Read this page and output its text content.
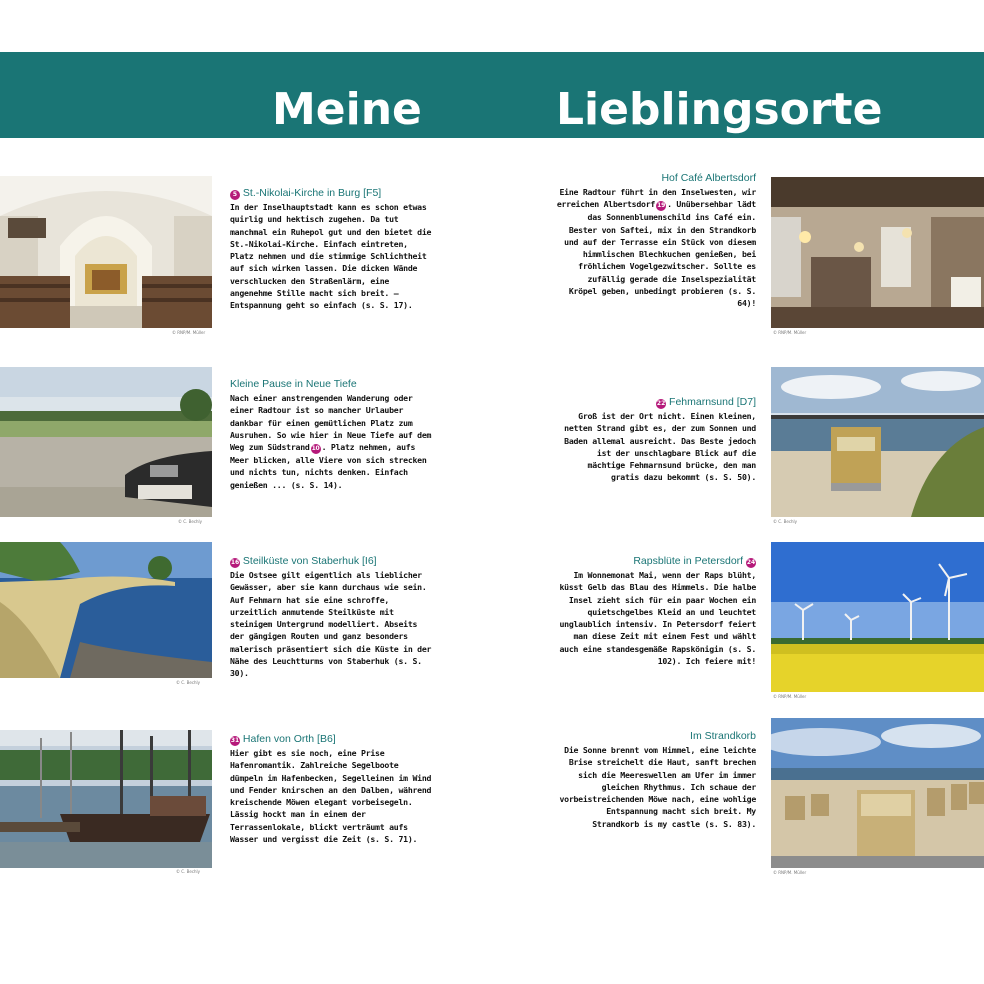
Meine	Lieblingsorte
© RNP/M. Müller
5 St.-Nikolai-Kirche in Burg [F5]

In der Inselhauptstadt kann es schon etwas quirlig und hektisch zugehen. Da tut manchmal ein Ruhepol gut und den bietet die St.-Nikolai-Kirche. Einfach eintreten, Platz nehmen und die stimmige Schlichtheit auf sich wirken lassen. Die dicken Wände verschlucken den Straßenlärm, eine angenehme Stille macht sich breit. – Entspannung geht so einfach (s. S. 17).

© C. Bechly
Kleine Pause in Neue Tiefe

Nach einer anstrengenden Wanderung oder einer Radtour ist so mancher Urlauber dankbar für einen gemütlichen Platz zum Ausruhen. So wie hier in Neue Tiefe auf dem Weg zum Südstrand 10 . Platz nehmen, aufs Meer blicken, alle Viere von sich strecken und nichts tun, nichts denken. Einfach genießen ... (s. S. 14).

© C. Bechly
16 Steilküste von Staberhuk [I6]

Die Ostsee gilt eigentlich als lieblicher Gewässer, aber sie kann durchaus wie sein. Auf Fehmarn hat sie eine schroffe, urzeitlich anmutende Steilküste mit steinigem Untergrund modelliert. Abseits der gängigen Routen und ganz besonders malerisch präsentiert sich die Küste in der Nähe des Leuchtturms von Staberhuk (s. S. 30).

© C. Bechly
31 Hafen von Orth [B6]

Hier gibt es sie noch, eine Prise Hafenromantik. Zahlreiche Segelboote dümpeln im Hafenbecken, Segelleinen im Wind und Fender knirschen an den Dalben, während kreischende Möwen elegant vorbeisegeln. Lässig hockt man in einem der Terrassenlokale, blickt verträumt aufs Wasser und vergisst die Zeit (s. S. 71).

Hof Café Albertsdorf

Eine Radtour führt in den Inselwesten, wir erreichen Albertsdorf 19 . Unübersehbar lädt das Sonnenblumenschild ins Café ein. Bester von Saftei, mix in den Strandkorb und auf der Terrasse ein Stück von diesem himmlischen Blechkuchen genießen, bei fröhlichem Vogelgezwitscher. Sollte es zufällig gerade die Inselspezialität Kröpel geben, unbedingt probieren (s. S. 64)!

© RNP/M. Müller
22 Fehmarnsund [D7]

Groß ist der Ort nicht. Einen kleinen, netten Strand gibt es, der zum Sonnen und Baden allemal ausreicht. Das Beste jedoch ist der unschlagbare Blick auf die mächtige Fehmarnsund brücke, den man gratis dazu bekommt (s. S. 50).

© C. Bechly
Rapsblüte in Petersdorf 24

Im Wonnemonat Mai, wenn der Raps blüht, küsst Gelb das Blau des Himmels. Die halbe Insel zieht sich für ein paar Wochen ein quietschgelbes Kleid an und leuchtet unglaublich intensiv. In Petersdorf feiert man diese Zeit mit einem Fest und wählt auch eine standesgemäße Rapskönigin (s. S. 102). Ich feiere mit!

© RNP/M. Müller
Im Strandkorb

Die Sonne brennt vom Himmel, eine leichte Brise streichelt die Haut, sanft brechen sich die Meereswellen am Ufer im immer gleichen Rhythmus. Ich schaue der vorbeistreichenden Möwe nach, eine wohlige Entspannung macht sich breit. My Strandkorb is my castle (s. S. 83).

© RNP/M. Müller
